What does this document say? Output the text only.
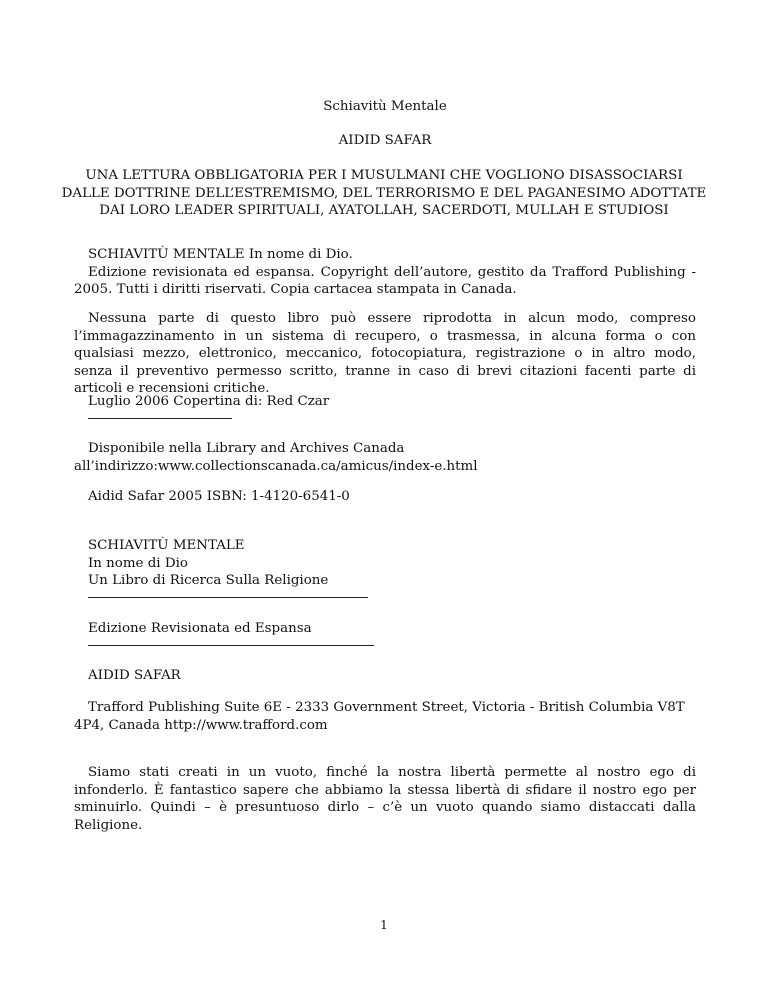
Schiavitù Mentale

AIDID SAFAR

UNA LETTURA OBBLIGATORIA PER I MUSULMANI CHE VOGLIONO DISASSOCIARSI

DALLE DOTTRINE DELL’ESTREMISMO, DEL TERRORISMO E DEL PAGANESIMO ADOTTATE

DAI LORO LEADER SPIRITUALI, AYATOLLAH, SACERDOTI, MULLAH E STUDIOSI

SCHIAVITÙ MENTALE In nome di Dio.

Edizione revisionata ed espansa. Copyright dell’autore, gestito da Trafford Publishing - 2005. Tutti i diritti riservati. Copia cartacea stampata in Canada.

Nessuna parte di questo libro può essere riprodotta in alcun modo, compreso l’immagazzinamento in un sistema di recupero, o trasmessa, in alcuna forma o con qualsiasi mezzo, elettronico, meccanico, fotocopiatura, registrazione o in altro modo, senza il preventivo permesso scritto, tranne in caso di brevi citazioni facenti parte di articoli e recensioni critiche.

Luglio 2006 Copertina di: Red Czar

Disponibile nella Library and Archives Canada

all’indirizzo:www.collectionscanada.ca/amicus/index-e.html

Aidid Safar 2005 ISBN: 1-4120-6541-0

SCHIAVITÙ MENTALE

In nome di Dio

Un Libro di Ricerca Sulla Religione

Edizione Revisionata ed Espansa

AIDID SAFAR

Trafford Publishing Suite 6E - 2333 Government Street, Victoria - British Columbia V8T 4P4, Canada http://www.trafford.com

Siamo stati creati in un vuoto, finché la nostra libertà permette al nostro ego di infonderlo. È fantastico sapere che abbiamo la stessa libertà di sfidare il nostro ego per sminuirlo. Quindi – è presuntuoso dirlo – c’è un vuoto quando siamo distaccati dalla Religione.

1
